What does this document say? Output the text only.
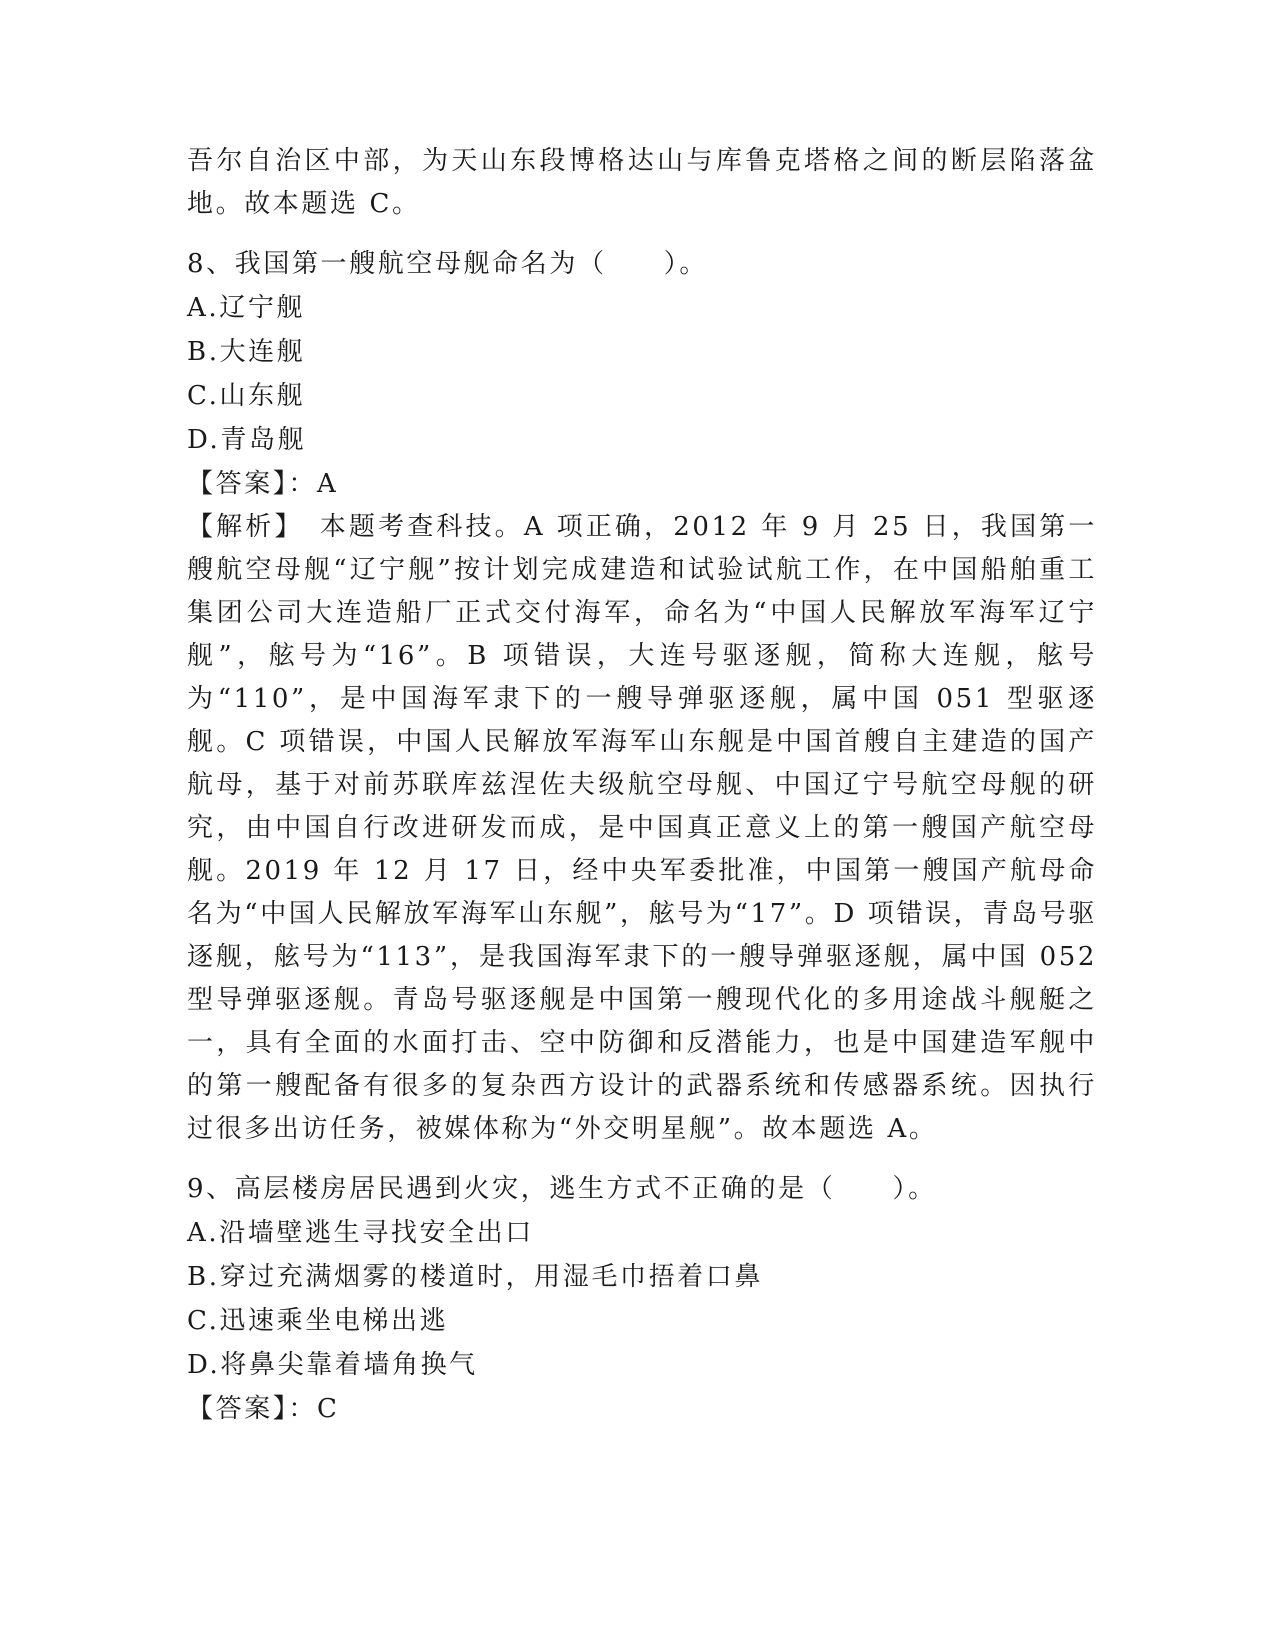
吾尔自治区中部，为天山东段博格达山与库鲁克塔格之间的断层陷落盆地。故本题选 C。
8、我国第一艘航空母舰命名为（　　）。
A.辽宁舰
B.大连舰
C.山东舰
D.青岛舰
【答案】：A
【解析】　本题考查科技。A 项正确，2012 年 9 月 25 日，我国第一艘航空母舰“辽宁舰”按计划完成建造和试验试航工作，在中国船舶重工集团公司大连造船厂正式交付海军，命名为“中国人民解放军海军辽宁舰”，舷号为“16”。B 项错误，大连号驱逐舰，简称大连舰，舷号为“110”，是中国海军隶下的一艘导弹驱逐舰，属中国 051 型驱逐舰。C 项错误，中国人民解放军海军山东舰是中国首艘自主建造的国产航母，基于对前苏联库兹涅佐夫级航空母舰、中国辽宁号航空母舰的研究，由中国自行改进研发而成，是中国真正意义上的第一艘国产航空母舰。2019 年 12 月 17 日，经中央军委批准，中国第一艘国产航母命名为“中国人民解放军海军山东舰”，舷号为“17”。D 项错误，青岛号驱逐舰，舷号为“113”，是我国海军隶下的一艘导弹驱逐舰，属中国 052 型导弹驱逐舰。青岛号驱逐舰是中国第一艘现代化的多用途战斗舰艇之一，具有全面的水面打击、空中防御和反潜能力，也是中国建造军舰中的第一艘配备有很多的复杂西方设计的武器系统和传感器系统。因执行过很多出访任务，被媒体称为“外交明星舰”。故本题选 A。
9、高层楼房居民遇到火灾，逃生方式不正确的是（　　）。
A.沿墙壁逃生寻找安全出口
B.穿过充满烟雾的楼道时，用湿毛巾捂着口鼻
C.迅速乘坐电梯出逃
D.将鼻尖靠着墙角换气
【答案】：C
